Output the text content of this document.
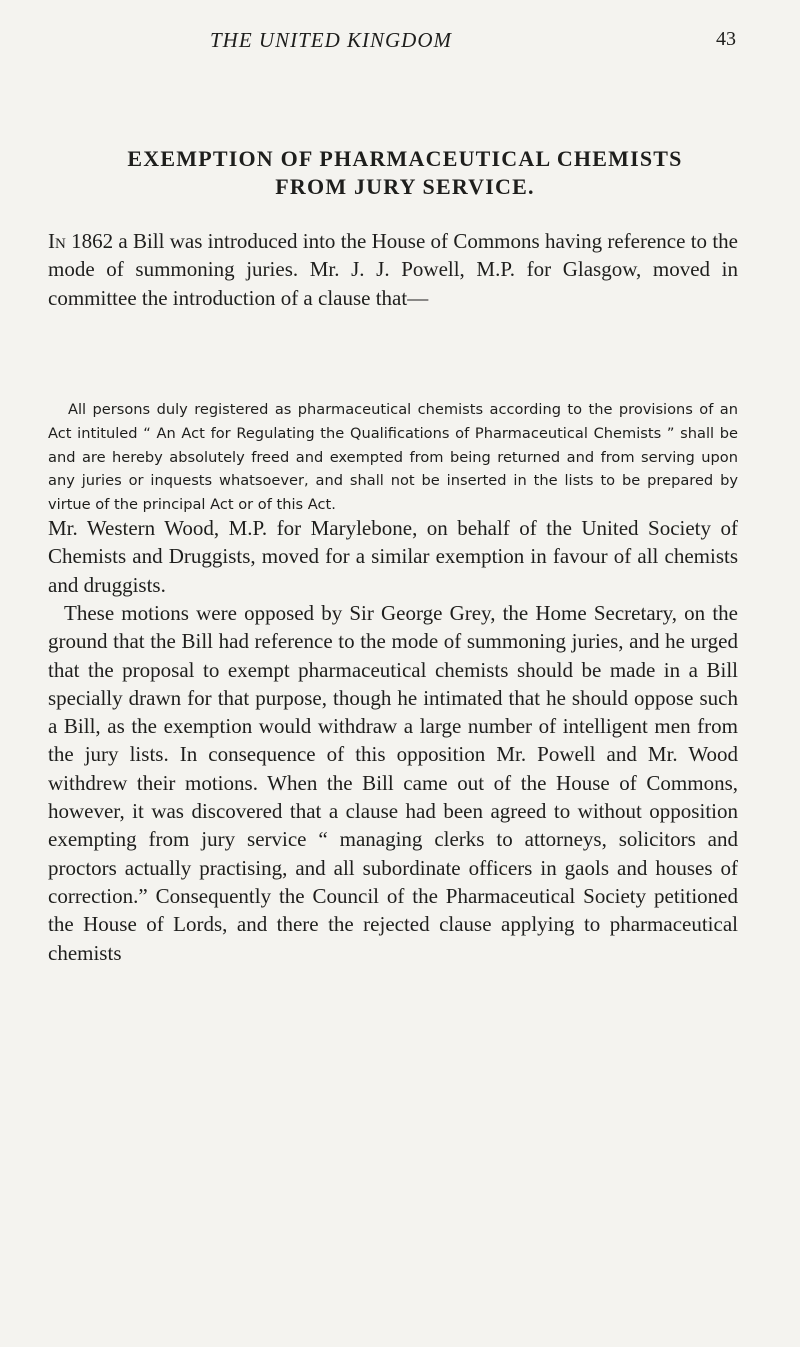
THE UNITED KINGDOM	43
EXEMPTION OF PHARMACEUTICAL CHEMISTS
FROM JURY SERVICE.

In 1862 a Bill was introduced into the House of Commons having reference to the mode of summoning juries. Mr. J. J. Powell, M.P. for Glasgow, moved in committee the introduction of a clause that—

All persons duly registered as pharmaceutical chemists according to the provisions of an Act intituled “ An Act for Regulating the Qualifications of Pharmaceutical Chemists ” shall be and are hereby absolutely freed and exempted from being returned and from serving upon any juries or inquests whatsoever, and shall not be inserted in the lists to be prepared by virtue of the principal Act or of this Act.

Mr. Western Wood, M.P. for Marylebone, on behalf of the United Society of Chemists and Druggists, moved for a similar exemption in favour of all chemists and druggists.

These motions were opposed by Sir George Grey, the Home Secretary, on the ground that the Bill had reference to the mode of summoning juries, and he urged that the proposal to exempt pharmaceutical chemists should be made in a Bill specially drawn for that purpose, though he intimated that he should oppose such a Bill, as the exemption would withdraw a large number of intelligent men from the jury lists. In consequence of this opposition Mr. Powell and Mr. Wood withdrew their motions. When the Bill came out of the House of Commons, however, it was discovered that a clause had been agreed to without opposition exempting from jury service “ managing clerks to attorneys, solicitors and proctors actually practising, and all subordinate officers in gaols and houses of correction.” Consequently the Council of the Pharmaceutical Society petitioned the House of Lords, and there the rejected clause applying to pharmaceutical chemists
